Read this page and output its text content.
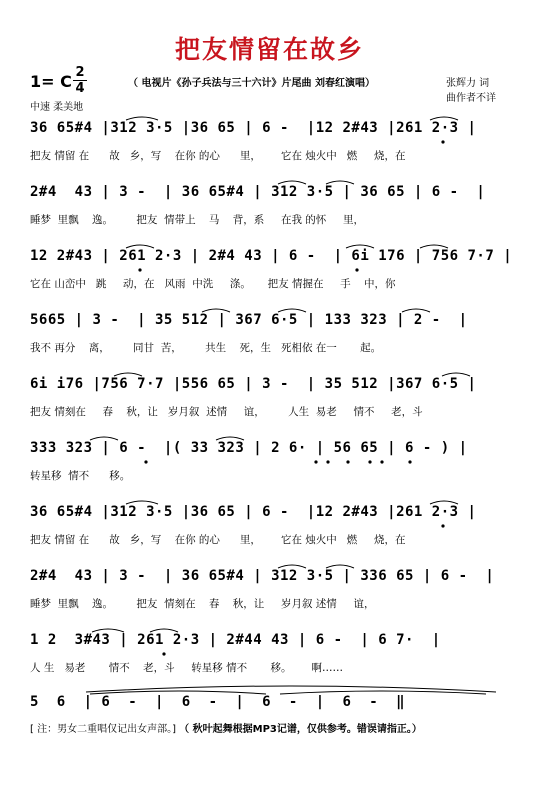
把友情留在故乡
1= C 2
4
中速 柔美地
（ 电视片《孙子兵法与三十六计》片尾曲 刘春红演唱）	张辉力 词
曲作者不详
36 65#4 |312 3·5 |36 65 | 6 -  |12 2#43 |261 2·3 |
把友 情留 在      故   乡，写    在你 的心      里，      它在 烛火中   燃     烧，在
2#4  43 | 3 -  | 36 65#4 | 312 3·5 | 36 65 | 6 -  |
睡梦  里飘    逸。       把友  情带上    马    背，系     在我 的怀     里，
12 2#43 | 261 2·3 | 2#4 43 | 6 -  | 6i 176 | 756 7·7 |
它在 山峦中   跳     动，在   风雨  中洗     涤。     把友 情握在     手    中，你
5665 | 3 -  | 35 512 | 367 6·5 | 133 323 | 2 -  |
我不 再分    离，       同甘  苦，       共生    死，生   死相依 在一       起。
6i i76 |756 7·7 |556 65 | 3 -  | 35 512 |367 6·5 |
把友 情刻在     春    秋，让   岁月叙  述情     谊，       人生  易老     情不     老，斗
333 323 | 6 -  |( 33 323 | 2 6· | 56 65 | 6 - ) |
转星移  情不      移。
36 65#4 |312 3·5 |36 65 | 6 -  |12 2#43 |261 2·3 |
把友 情留 在      故   乡，写    在你 的心      里，      它在 烛火中   燃     烧，在
2#4  43 | 3 -  | 36 65#4 | 312 3·5 | 336 65 | 6 -  |
睡梦  里飘    逸。       把友  情刻在    春    秋，让     岁月叙 述情     谊，
1 2  3#43 | 261 2·3 | 2#44 43 | 6 -  | 6 7·  |
人 生   易老       情不    老，斗     转星移 情不       移。      啊……
5  6  | 6  -  |  6  -  |  6  -  |  6  -  ‖
[ 注：男女二重唱仅记出女声部。] （ 秋叶起舞根据MP3记谱，仅供参考。错误请指正。）
